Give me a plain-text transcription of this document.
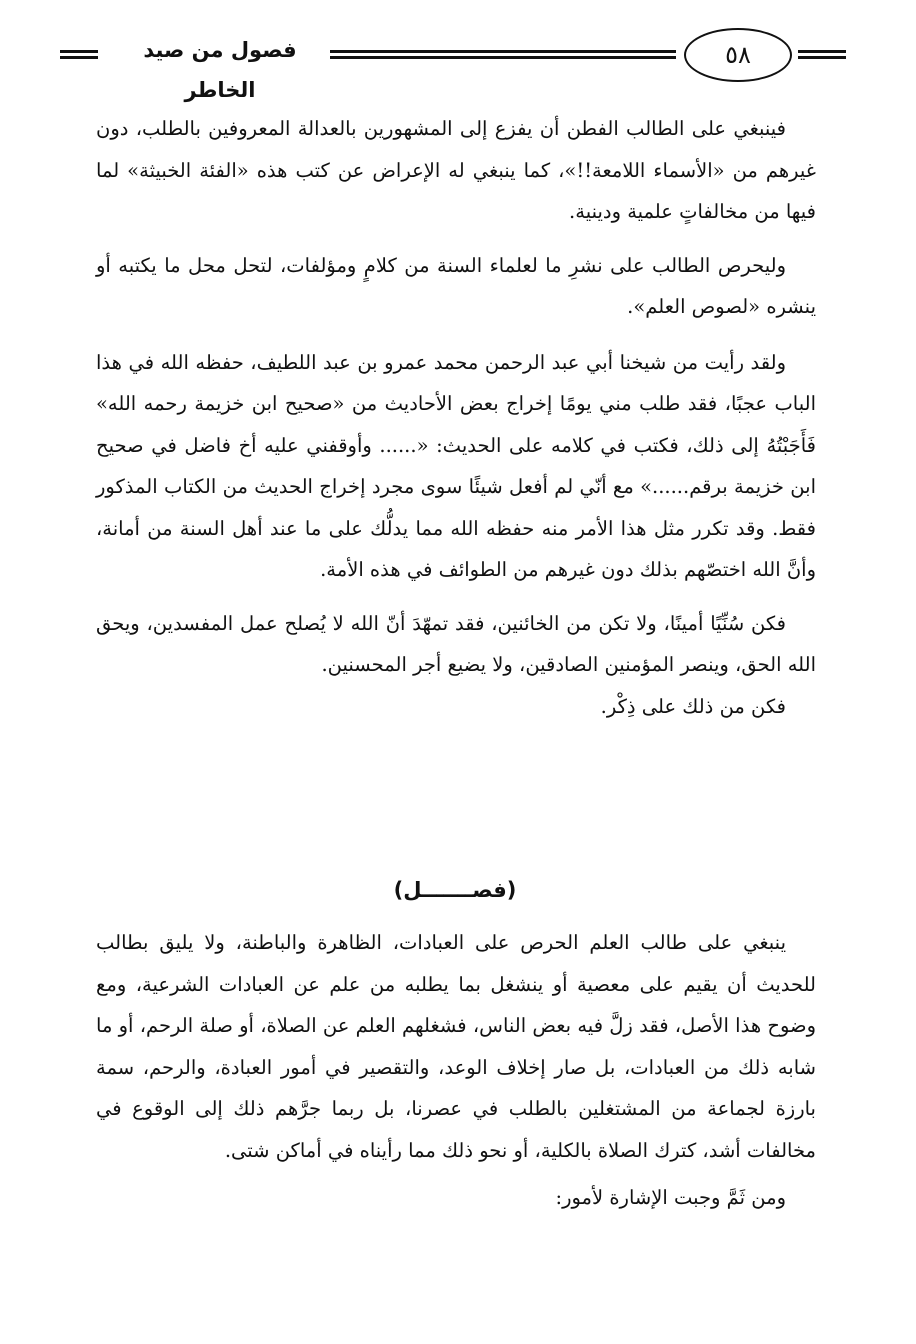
فصول من صيد الخاطر
٥٨

فينبغي على الطالب الفطن أن يفزع إلى المشهورين بالعدالة المعروفين بالطلب، دون غيرهم من «الأسماء اللامعة!!»، كما ينبغي له الإعراض عن كتب هذه «الفئة الخبيثة» لما فيها من مخالفاتٍ علمية ودينية.

وليحرص الطالب على نشرِ ما لعلماء السنة من كلامٍ ومؤلفات، لتحل محل ما يكتبه أو ينشره «لصوص العلم».

ولقد رأيت من شيخنا أبي عبد الرحمن محمد عمرو بن عبد اللطيف، حفظه الله في هذا الباب عجبًا، فقد طلب مني يومًا إخراج بعض الأحاديث من «صحيح ابن خزيمة رحمه الله» فَأَجَبْتُهُ إلى ذلك، فكتب في كلامه على الحديث: «...... وأوقفني عليه أخ فاضل في صحيح ابن خزيمة برقم......» مع أنّي لم أفعل شيئًا سوى مجرد إخراج الحديث من الكتاب المذكور فقط. وقد تكرر مثل هذا الأمر منه حفظه الله مما يدلُّك على ما عند أهل السنة من أمانة، وأنَّ الله اختصّهم بذلك دون غيرهم من الطوائف في هذه الأمة.

فكن سُنِّيًا أمينًا، ولا تكن من الخائنين، فقد تمهّدَ أنّ الله لا يُصلح عمل المفسدين، ويحق الله الحق، وينصر المؤمنين الصادقين، ولا يضيع أجر المحسنين.

فكن من ذلك على ذِكْر.

(فصـــــــل)

ينبغي على طالب العلم الحرص على العبادات، الظاهرة والباطنة، ولا يليق بطالب للحديث أن يقيم على معصية أو ينشغل بما يطلبه من علم عن العبادات الشرعية، ومع وضوح هذا الأصل، فقد زلَّ فيه بعض الناس، فشغلهم العلم عن الصلاة، أو صلة الرحم، أو ما شابه ذلك من العبادات، بل صار إخلاف الوعد، والتقصير في أمور العبادة، والرحم، سمة بارزة لجماعة من المشتغلين بالطلب في عصرنا، بل ربما جرَّهم ذلك إلى الوقوع في مخالفات أشد، كترك الصلاة بالكلية، أو نحو ذلك مما رأيناه في أماكن شتى.

ومن ثَمَّ وجبت الإشارة لأمور:
